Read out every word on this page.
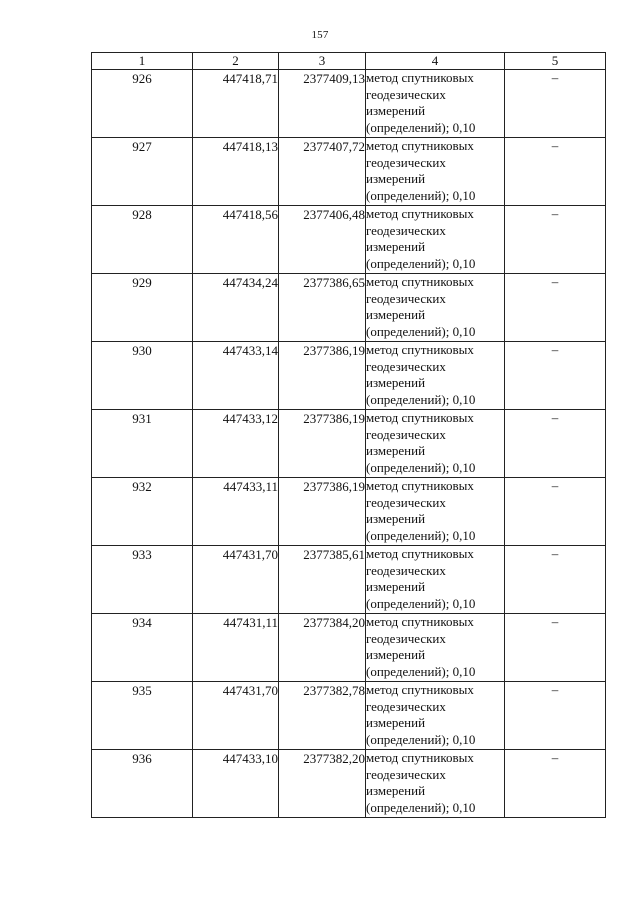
157
1	2	3	4	5
926	447418,71	2377409,13	метод спутниковых
геодезических
измерений
(определений); 0,10	–
927	447418,13	2377407,72	метод спутниковых
геодезических
измерений
(определений); 0,10	–
928	447418,56	2377406,48	метод спутниковых
геодезических
измерений
(определений); 0,10	–
929	447434,24	2377386,65	метод спутниковых
геодезических
измерений
(определений); 0,10	–
930	447433,14	2377386,19	метод спутниковых
геодезических
измерений
(определений); 0,10	–
931	447433,12	2377386,19	метод спутниковых
геодезических
измерений
(определений); 0,10	–
932	447433,11	2377386,19	метод спутниковых
геодезических
измерений
(определений); 0,10	–
933	447431,70	2377385,61	метод спутниковых
геодезических
измерений
(определений); 0,10	–
934	447431,11	2377384,20	метод спутниковых
геодезических
измерений
(определений); 0,10	–
935	447431,70	2377382,78	метод спутниковых
геодезических
измерений
(определений); 0,10	–
936	447433,10	2377382,20	метод спутниковых
геодезических
измерений
(определений); 0,10	–
